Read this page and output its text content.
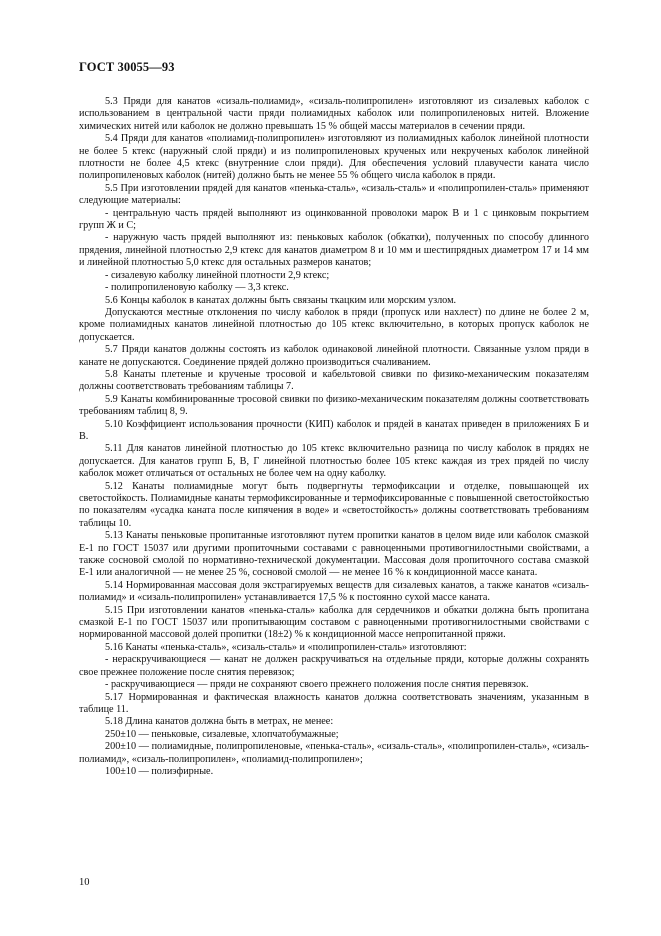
ГОСТ 30055—93

5.3 Пряди для канатов «сизаль-полиамид», «сизаль-полипропилен» изготовляют из сизалевых каболок с использованием в центральной части пряди полиамидных каболок или полипропиленовых нитей. Вложение химических нитей или каболок не должно превышать 15 % общей массы материалов в сечении пряди.

5.4 Пряди для канатов «полиамид-полипропилен» изготовляют из полиамидных каболок линейной плотности не более 5 ктекс (наружный слой пряди) и из полипропиленовых крученых или некрученых каболок линейной плотности не более 4,5 ктекс (внутренние слои пряди). Для обеспечения условий плавучести каната число полипропиленовых каболок (нитей) должно быть не менее 55 % общего числа каболок в пряди.

5.5 При изготовлении прядей для канатов «пенька-сталь», «сизаль-сталь» и «полипропилен-сталь» применяют следующие материалы:

- центральную часть прядей выполняют из оцинкованной проволоки марок В и 1 с цинковым покрытием групп Ж и С;

- наружную часть прядей выполняют из: пеньковых каболок (обкатки), полученных по способу длинного прядения, линейной плотностью 2,9 ктекс для канатов диаметром 8 и 10 мм и шестипрядных диаметром 17 и 14 мм и линейной плотностью 5,0 ктекс для остальных размеров канатов;

- сизалевую каболку линейной плотности 2,9 ктекс;

- полипропиленовую каболку — 3,3 ктекс.

5.6 Концы каболок в канатах должны быть связаны ткацким или морским узлом.

Допускаются местные отклонения по числу каболок в пряди (пропуск или нахлест) по длине не более 2 м, кроме полиамидных канатов линейной плотностью до 105 ктекс включительно, в которых пропуск каболок не допускается.

5.7 Пряди канатов должны состоять из каболок одинаковой линейной плотности. Связанные узлом пряди в канате не допускаются. Соединение прядей должно производиться счаливанием.

5.8 Канаты плетеные и крученые тросовой и кабельтовой свивки по физико-механическим показателям должны соответствовать требованиям таблицы 7.

5.9 Канаты комбинированные тросовой свивки по физико-механическим показателям должны соответствовать требованиям таблиц 8, 9.

5.10 Коэффициент использования прочности (КИП) каболок и прядей в канатах приведен в приложениях Б и В.

5.11 Для канатов линейной плотностью до 105 ктекс включительно разница по числу каболок в прядях не допускается. Для канатов групп Б, В, Г линейной плотностью более 105 ктекс каждая из трех прядей по числу каболок может отличаться от остальных не более чем на одну каболку.

5.12 Канаты полиамидные могут быть подвергнуты термофиксации и отделке, повышающей их светостойкость. Полиамидные канаты термофиксированные и термофиксированные с повышенной светостойкостью по показателям «усадка каната после кипячения в воде» и «светостойкость» должны соответствовать требованиям таблицы 10.

5.13 Канаты пеньковые пропитанные изготовляют путем пропитки канатов в целом виде или каболок смазкой Е-1 по ГОСТ 15037 или другими пропиточными составами с равноценными противогнилостными свойствами, а также сосновой смолой по нормативно-технической документации. Массовая доля пропиточного состава смазкой Е-1 или аналогичной — не менее 25 %, сосновой смолой — не менее 16 % к кондиционной массе каната.

5.14 Нормированная массовая доля экстрагируемых веществ для сизалевых канатов, а также канатов «сизаль-полиамид» и «сизаль-полипропилен» устанавливается 17,5 % к постоянно сухой массе каната.

5.15 При изготовлении канатов «пенька-сталь» каболка для сердечников и обкатки должна быть пропитана смазкой Е-1 по ГОСТ 15037 или пропитывающим составом с равноценными противогнилостными свойствами с нормированной массовой долей пропитки (18±2) % к кондиционной массе непропитанной пряжи.

5.16 Канаты «пенька-сталь», «сизаль-сталь» и «полипропилен-сталь» изготовляют:

- нераскручивающиеся — канат не должен раскручиваться на отдельные пряди, которые должны сохранять свое прежнее положение после снятия перевязок;

- раскручивающиеся — пряди не сохраняют своего прежнего положения после снятия перевязок.

5.17 Нормированная и фактическая влажность канатов должна соответствовать значениям, указанным в таблице 11.

5.18 Длина канатов должна быть в метрах, не менее:

250±10 — пеньковые, сизалевые, хлопчатобумажные;

200±10 — полиамидные, полипропиленовые, «пенька-сталь», «сизаль-сталь», «полипропилен-сталь», «сизаль-полиамид», «сизаль-полипропилен», «полиамид-полипропилен»;

100±10 — полиэфирные.

10
